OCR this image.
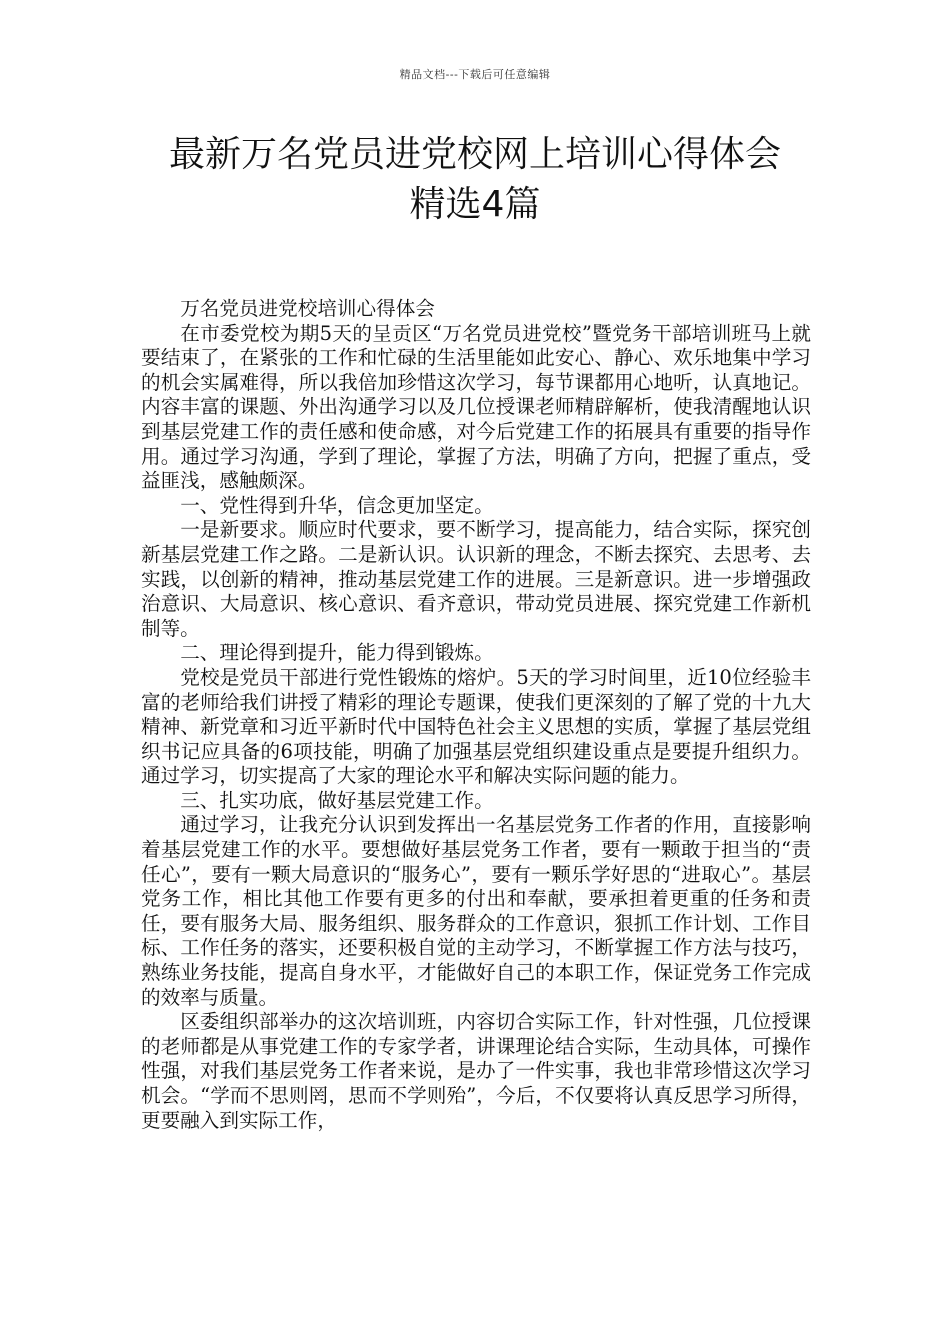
精品文档---下载后可任意编辑
最新万名党员进党校网上培训心得体会
精选4篇

万名党员进党校培训心得体会

在市委党校为期5天的呈贡区“万名党员进党校”暨党务干部培训班马上就要结束了，在紧张的工作和忙碌的生活里能如此安心、静心、欢乐地集中学习的机会实属难得，所以我倍加珍惜这次学习，每节课都用心地听，认真地记。内容丰富的课题、外出沟通学习以及几位授课老师精辟解析，使我清醒地认识到基层党建工作的责任感和使命感，对今后党建工作的拓展具有重要的指导作用。通过学习沟通，学到了理论，掌握了方法，明确了方向，把握了重点，受益匪浅，感触颇深。

一、党性得到升华，信念更加坚定。

一是新要求。顺应时代要求，要不断学习，提高能力，结合实际，探究创新基层党建工作之路。二是新认识。认识新的理念，不断去探究、去思考、去实践，以创新的精神，推动基层党建工作的进展。三是新意识。进一步增强政治意识、大局意识、核心意识、看齐意识，带动党员进展、探究党建工作新机制等。

二、理论得到提升，能力得到锻炼。

党校是党员干部进行党性锻炼的熔炉。5天的学习时间里，近10位经验丰富的老师给我们讲授了精彩的理论专题课，使我们更深刻的了解了党的十九大精神、新党章和习近平新时代中国特色社会主义思想的实质，掌握了基层党组织书记应具备的6项技能，明确了加强基层党组织建设重点是要提升组织力。通过学习，切实提高了大家的理论水平和解决实际问题的能力。

三、扎实功底，做好基层党建工作。

通过学习，让我充分认识到发挥出一名基层党务工作者的作用，直接影响着基层党建工作的水平。要想做好基层党务工作者，要有一颗敢于担当的“责任心”，要有一颗大局意识的“服务心”，要有一颗乐学好思的“进取心”。基层党务工作，相比其他工作要有更多的付出和奉献，要承担着更重的任务和责任，要有服务大局、服务组织、服务群众的工作意识，狠抓工作计划、工作目标、工作任务的落实，还要积极自觉的主动学习，不断掌握工作方法与技巧，熟练业务技能，提高自身水平，才能做好自己的本职工作，保证党务工作完成的效率与质量。

区委组织部举办的这次培训班，内容切合实际工作，针对性强，几位授课的老师都是从事党建工作的专家学者，讲课理论结合实际，生动具体，可操作性强，对我们基层党务工作者来说，是办了一件实事，我也非常珍惜这次学习机会。“学而不思则罔，思而不学则殆”，今后，不仅要将认真反思学习所得，更要融入到实际工作，
